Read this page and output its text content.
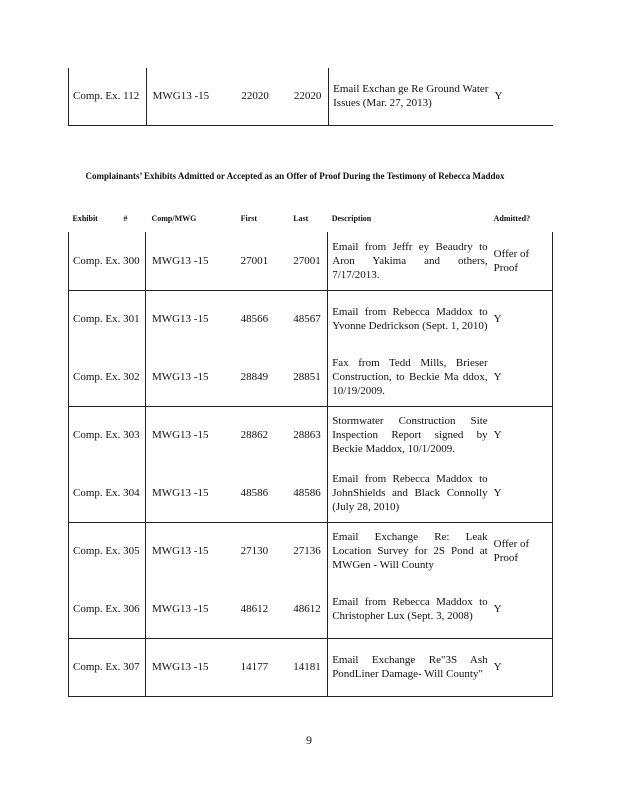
Comp. Ex. 112	MWG13 -15	22020	22020	Email Exchan ge Re Ground Water Issues (Mar. 27, 2013)	Y
Complainants’ Exhibits Admitted or Accepted as an Offer of Proof During the Testimony of Rebecca Maddox
Exhibit #	Comp/MWG	First	Last	Description	Admitted?
Comp. Ex. 300	MWG13 -15	27001	27001	Email from Jeffr ey Beaudry to Aron Yakima and others, 7/17/2013.	Offer of Proof
Comp. Ex. 301	MWG13 -15	48566	48567	Email from Rebecca Maddox to Yvonne Dedrickson (Sept. 1, 2010)	Y
Comp. Ex. 302	MWG13 -15	28849	28851	Fax from Tedd Mills, Brieser Construction, to Beckie Ma ddox, 10/19/2009.	Y
Comp. Ex. 303	MWG13 -15	28862	28863	Stormwater Construction Site Inspection Report signed by Beckie Maddox, 10/1/2009.	Y
Comp. Ex. 304	MWG13 -15	48586	48586	Email from Rebecca Maddox to JohnShields and Black Connolly (July 28, 2010)	Y
Comp. Ex. 305	MWG13 -15	27130	27136	Email Exchange Re: Leak Location Survey for 2S Pond at MWGen - Will County	Offer of Proof
Comp. Ex. 306	MWG13 -15	48612	48612	Email from Rebecca Maddox to Christopher Lux (Sept. 3, 2008)	Y
Comp. Ex. 307	MWG13 -15	14177	14181	Email Exchange Re"3S Ash PondLiner Damage- Will County"	Y
9
